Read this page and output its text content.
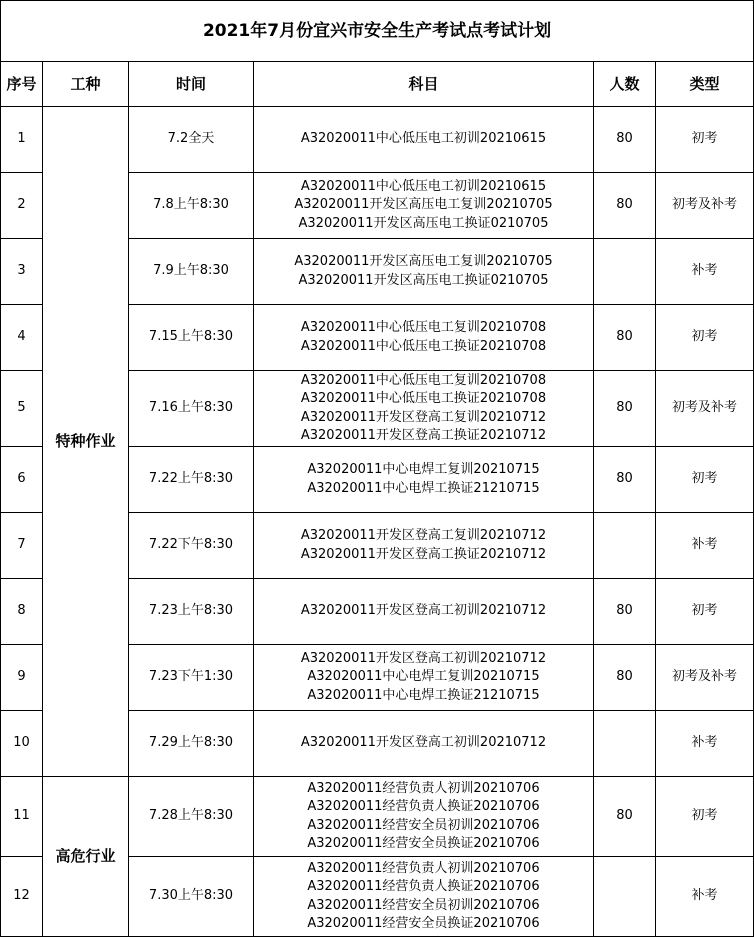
2021年7月份宜兴市安全生产考试点考试计划					
序号	工种	时间	科目	人数	类型
1	特种作业	7.2全天	A32020011中心低压电工初训20210615	80	初考
2		7.8上午8:30	A32020011中心低压电工初训20210615
A32020011开发区高压电工复训20210705
A32020011开发区高压电工换证0210705	80	初考及补考
3		7.9上午8:30	A32020011开发区高压电工复训20210705
A32020011开发区高压电工换证0210705		补考
4		7.15上午8:30	A32020011中心低压电工复训20210708
A32020011中心低压电工换证20210708	80	初考
5		7.16上午8:30	A32020011中心低压电工复训20210708
A32020011中心低压电工换证20210708
A32020011开发区登高工复训20210712
A32020011开发区登高工换证20210712	80	初考及补考
6		7.22上午8:30	A32020011中心电焊工复训20210715
A32020011中心电焊工换证21210715	80	初考
7		7.22下午8:30	A32020011开发区登高工复训20210712
A32020011开发区登高工换证20210712		补考
8		7.23上午8:30	A32020011开发区登高工初训20210712	80	初考
9		7.23下午1:30	A32020011开发区登高工初训20210712
A32020011中心电焊工复训20210715
A32020011中心电焊工换证21210715	80	初考及补考
10		7.29上午8:30	A32020011开发区登高工初训20210712		补考
11	高危行业	7.28上午8:30	A32020011经营负责人初训20210706
A32020011经营负责人换证20210706
A32020011经营安全员初训20210706
A32020011经营安全员换证20210706	80	初考
12		7.30上午8:30	A32020011经营负责人初训20210706
A32020011经营负责人换证20210706
A32020011经营安全员初训20210706
A32020011经营安全员换证20210706		补考
